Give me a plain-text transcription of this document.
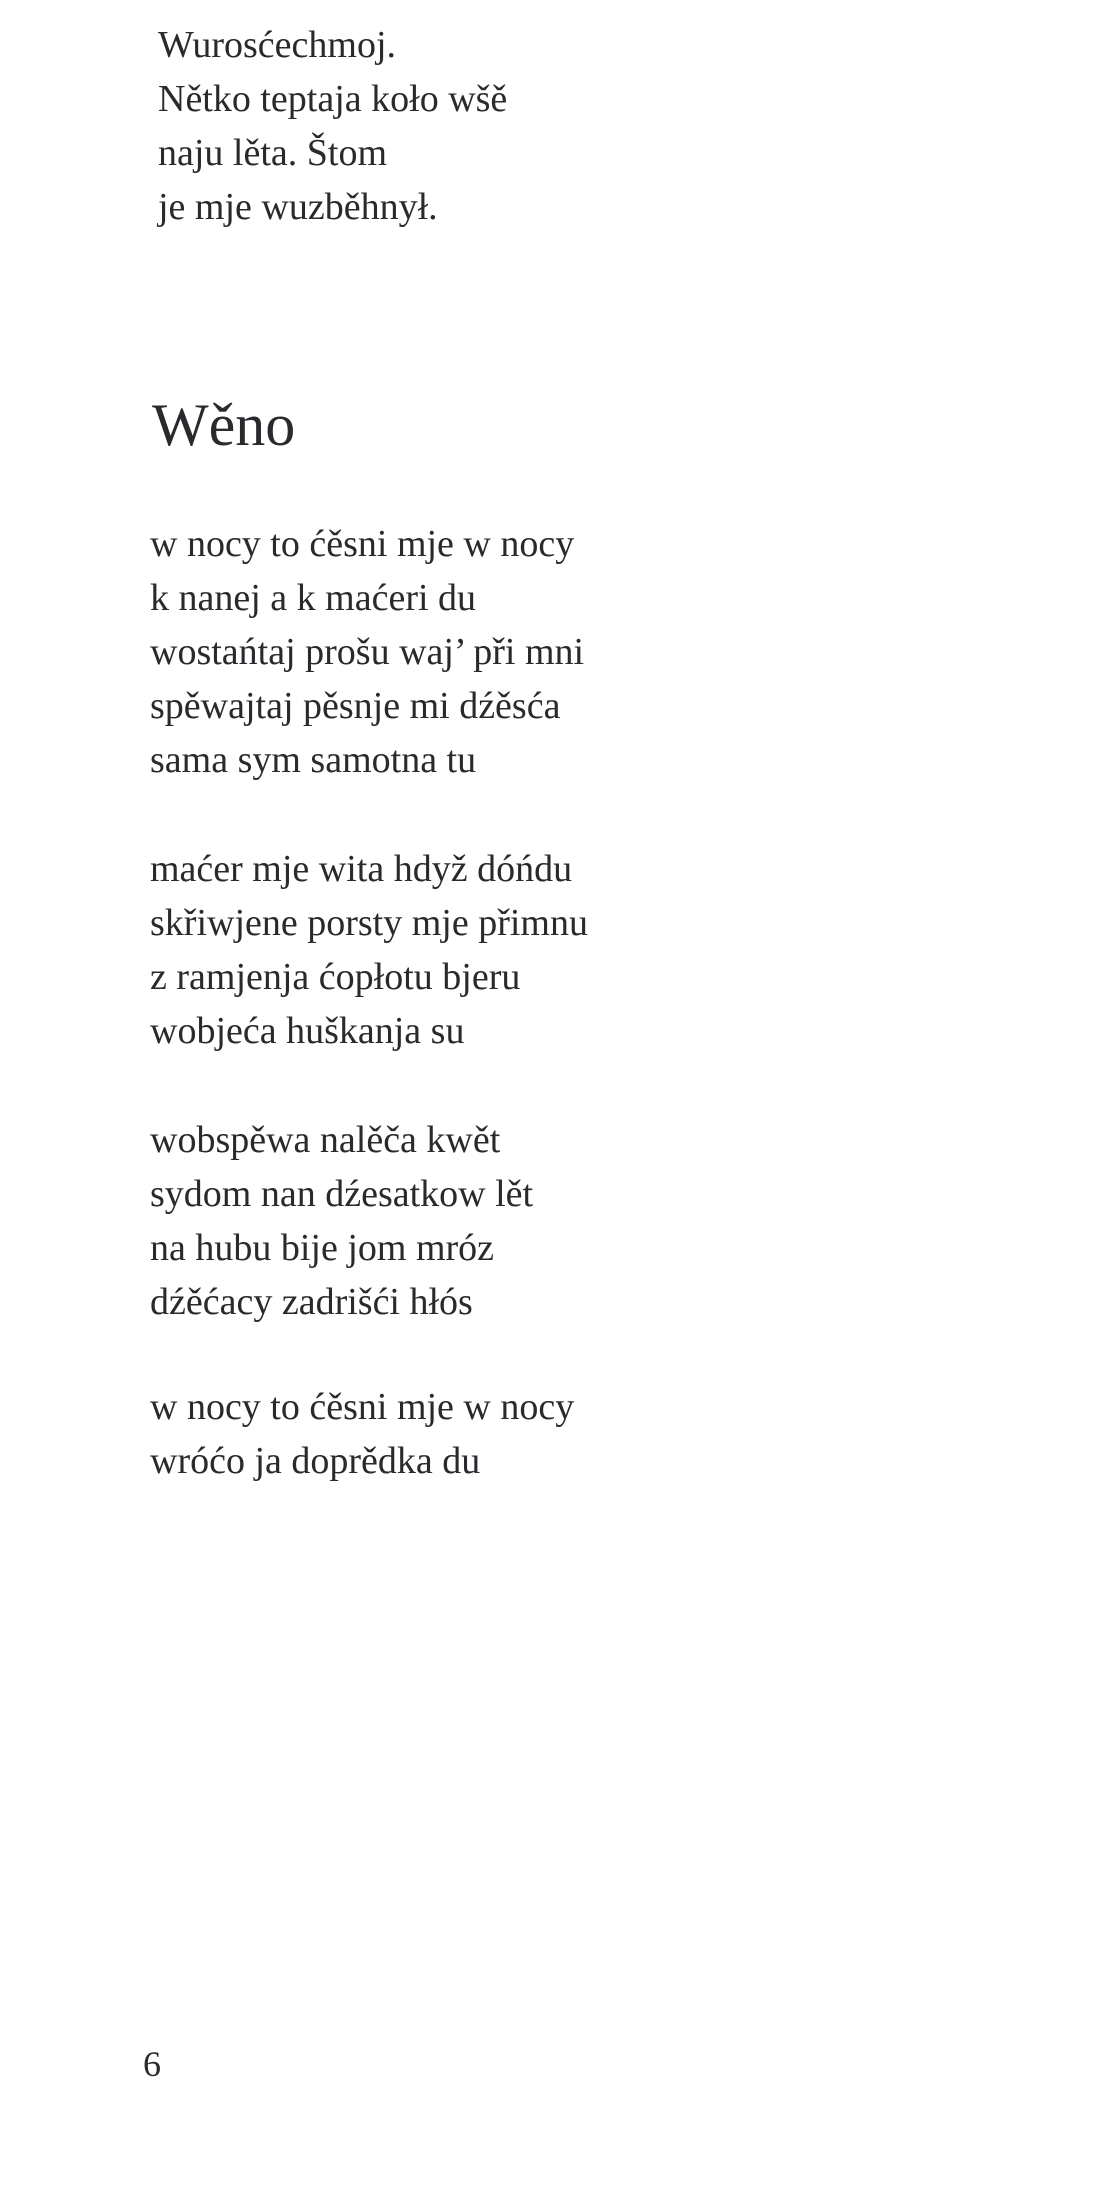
Wurosćechmoj.
Nětko teptaja koło wšě
naju lěta. Štom
je mje wuzběhnył.
Wěno
w nocy to ćěsni mje w nocy
k nanej a k maćeri du
wostańtaj prošu waj’ při mni
spěwajtaj pěsnje mi dźěsća
sama sym samotna tu
maćer mje wita hdyž dóńdu
skřiwjene porsty mje přimnu
z ramjenja ćopłotu bjeru
wobjeća huškanja su
wobspěwa nalěča kwět
sydom nan dźesatkow lět
na hubu bije jom mróz
dźěćacy zadrišći hłós
w nocy to ćěsni mje w nocy
wróćo ja doprědka du
6
